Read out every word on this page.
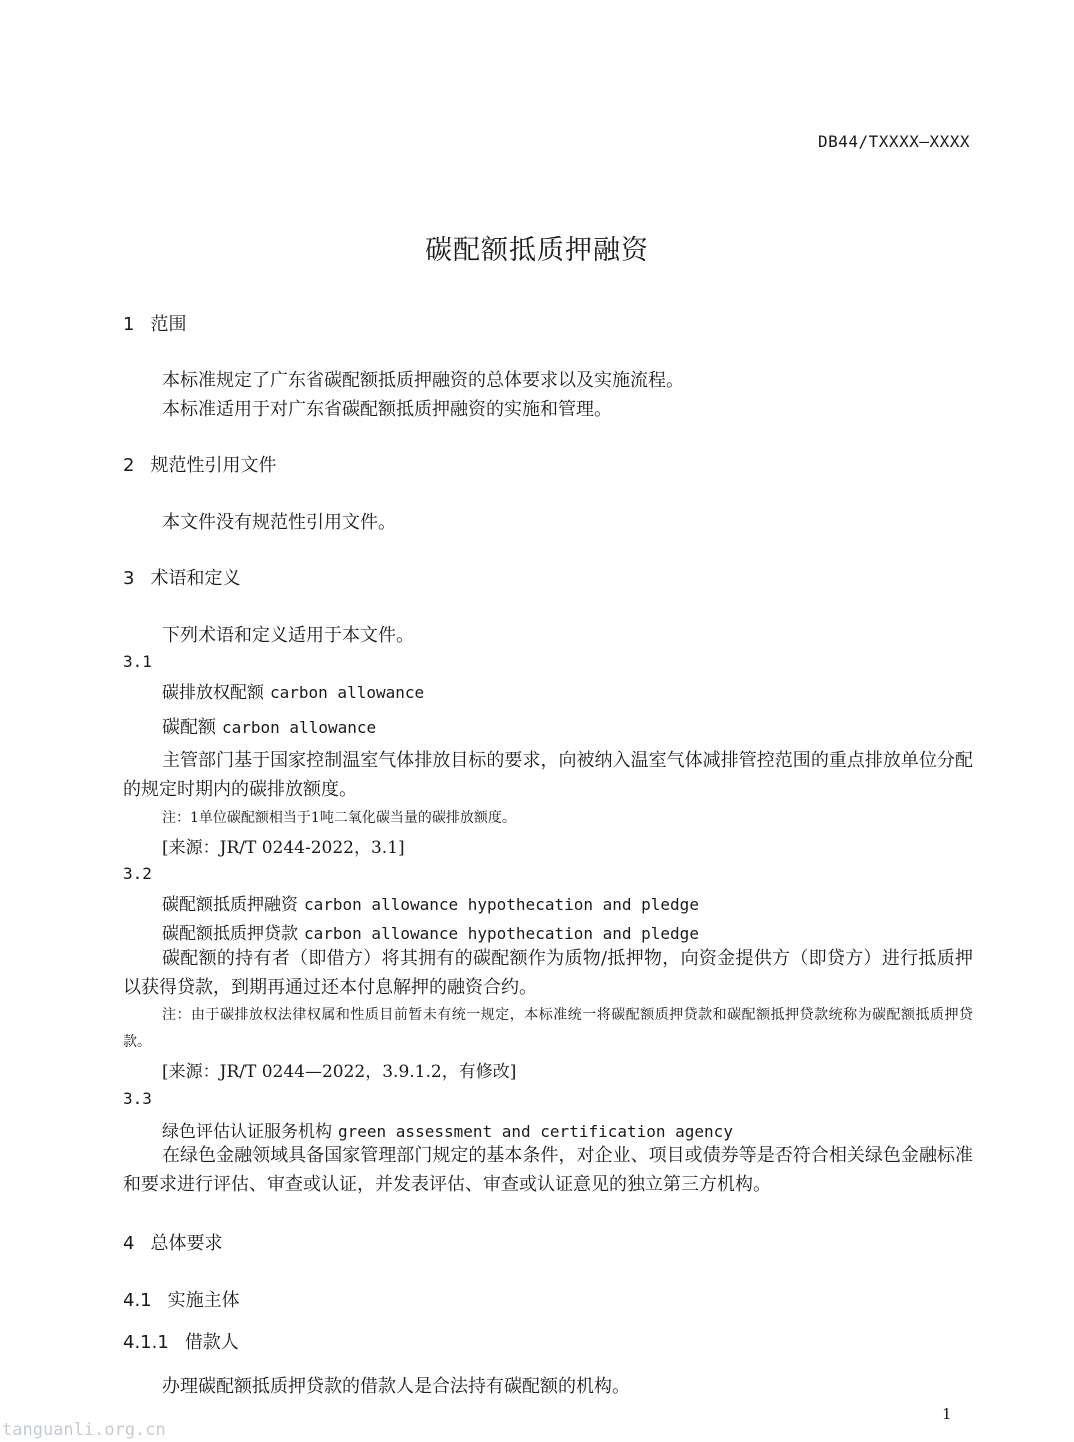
DB44/TXXXX—XXXX
碳配额抵质押融资
1 范围
本标准规定了广东省碳配额抵质押融资的总体要求以及实施流程。
本标准适用于对广东省碳配额抵质押融资的实施和管理。
2 规范性引用文件
本文件没有规范性引用文件。
3 术语和定义
下列术语和定义适用于本文件。
3.1
碳排放权配额 carbon allowance
碳配额 carbon allowance
主管部门基于国家控制温室气体排放目标的要求，向被纳入温室气体减排管控范围的重点排放单位分配的规定时期内的碳排放额度。
注：1单位碳配额相当于1吨二氧化碳当量的碳排放额度。
[来源：JR/T 0244-2022，3.1]
3.2
碳配额抵质押融资 carbon allowance hypothecation and pledge
碳配额抵质押贷款 carbon allowance hypothecation and pledge
碳配额的持有者（即借方）将其拥有的碳配额作为质物/抵押物，向资金提供方（即贷方）进行抵质押以获得贷款，到期再通过还本付息解押的融资合约。
注：由于碳排放权法律权属和性质目前暂未有统一规定，本标准统一将碳配额质押贷款和碳配额抵押贷款统称为碳配额抵质押贷款。
[来源：JR/T 0244—2022，3.9.1.2，有修改]
3.3
绿色评估认证服务机构 green assessment and certification agency
在绿色金融领域具备国家管理部门规定的基本条件，对企业、项目或债券等是否符合相关绿色金融标准和要求进行评估、审查或认证，并发表评估、审查或认证意见的独立第三方机构。
4 总体要求
4.1 实施主体
4.1.1 借款人
办理碳配额抵质押贷款的借款人是合法持有碳配额的机构。
1
tanguanli.org.cn
